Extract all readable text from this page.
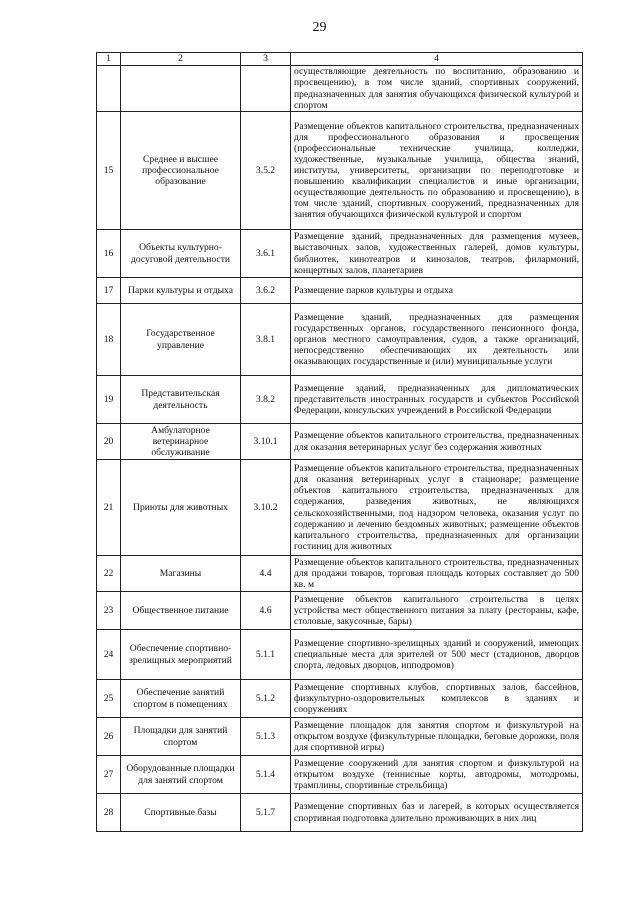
29
1	2	3	4
			осуществляющие деятельность по воспитанию, образованию и просвещению), в том числе зданий, спортивных сооружений, предназначенных для занятия обучающихся физической культурой и спортом
15	Среднее и высшее профессиональное образование	3.5.2	Размещение объектов капитального строительства, предназначенных для профессионального образования и просвещения (профессиональные технические училища, колледжи, художественные, музыкальные училища, общества знаний, институты, университеты, организации по переподготовке и повышению квалификации специалистов и иные организации, осуществляющие деятельность по образованию и просвещению), в том числе зданий, спортивных сооружений, предназначенных для занятия обучающихся физической культурой и спортом
16	Объекты культурно-досуговой деятельности	3.6.1	Размещение зданий, предназначенных для размещения музеев, выставочных залов, художественных галерей, домов культуры, библиотек, кинотеатров и кинозалов, театров, филармоний, концертных залов, планетариев
17	Парки культуры и отдыха	3.6.2	Размещение парков культуры и отдыха
18	Государственное управление	3.8.1	Размещение зданий, предназначенных для размещения государственных органов, государственного пенсионного фонда, органов местного самоуправления, судов, а также организаций, непосредственно обеспечивающих их деятельность или оказывающих государственные и (или) муниципальные услуги
19	Представительская деятельность	3.8.2	Размещение зданий, предназначенных для дипломатических представительств иностранных государств и субъектов Российской Федерации, консульских учреждений в Российской Федерации
20	Амбулаторное ветеринарное обслуживание	3.10.1	Размещение объектов капитального строительства, предназначенных для оказания ветеринарных услуг без содержания животных
21	Приюты для животных	3.10.2	Размещение объектов капитального строительства, предназначенных для оказания ветеринарных услуг в стационаре; размещение объектов капитального строительства, предназначенных для содержания, разведения животных, не являющихся сельскохозяйственными, под надзором человека, оказания услуг по содержанию и лечению бездомных животных; размещение объектов капитального строительства, предназначенных для организации гостиниц для животных
22	Магазины	4.4	Размещение объектов капитального строительства, предназначенных для продажи товаров, торговая площадь которых составляет до 500 кв. м
23	Общественное питание	4.6	Размещение объектов капитального строительства в целях устройства мест общественного питания за плату (рестораны, кафе, столовые, закусочные, бары)
24	Обеспечение спортивно-зрелищных мероприятий	5.1.1	Размещение спортивно-зрелищных зданий и сооружений, имеющих специальные места для зрителей от 500 мест (стадионов, дворцов спорта, ледовых дворцов, ипподромов)
25	Обеспечение занятий спортом в помещениях	5.1.2	Размещение спортивных клубов, спортивных залов, бассейнов, физкультурно-оздоровительных комплексов в зданиях и сооружениях
26	Площадки для занятий спортом	5.1.3	Размещение площадок для занятия спортом и физкультурой на открытом воздухе (физкультурные площадки, беговые дорожки, поля для спортивной игры)
27	Оборудованные площадки для занятий спортом	5.1.4	Размещение сооружений для занятия спортом и физкультурой на открытом воздухе (теннисные корты, автодромы, мотодромы, трамплины, спортивные стрельбища)
28	Спортивные базы	5.1.7	Размещение спортивных баз и лагерей, в которых осуществляется спортивная подготовка длительно проживающих в них лиц
